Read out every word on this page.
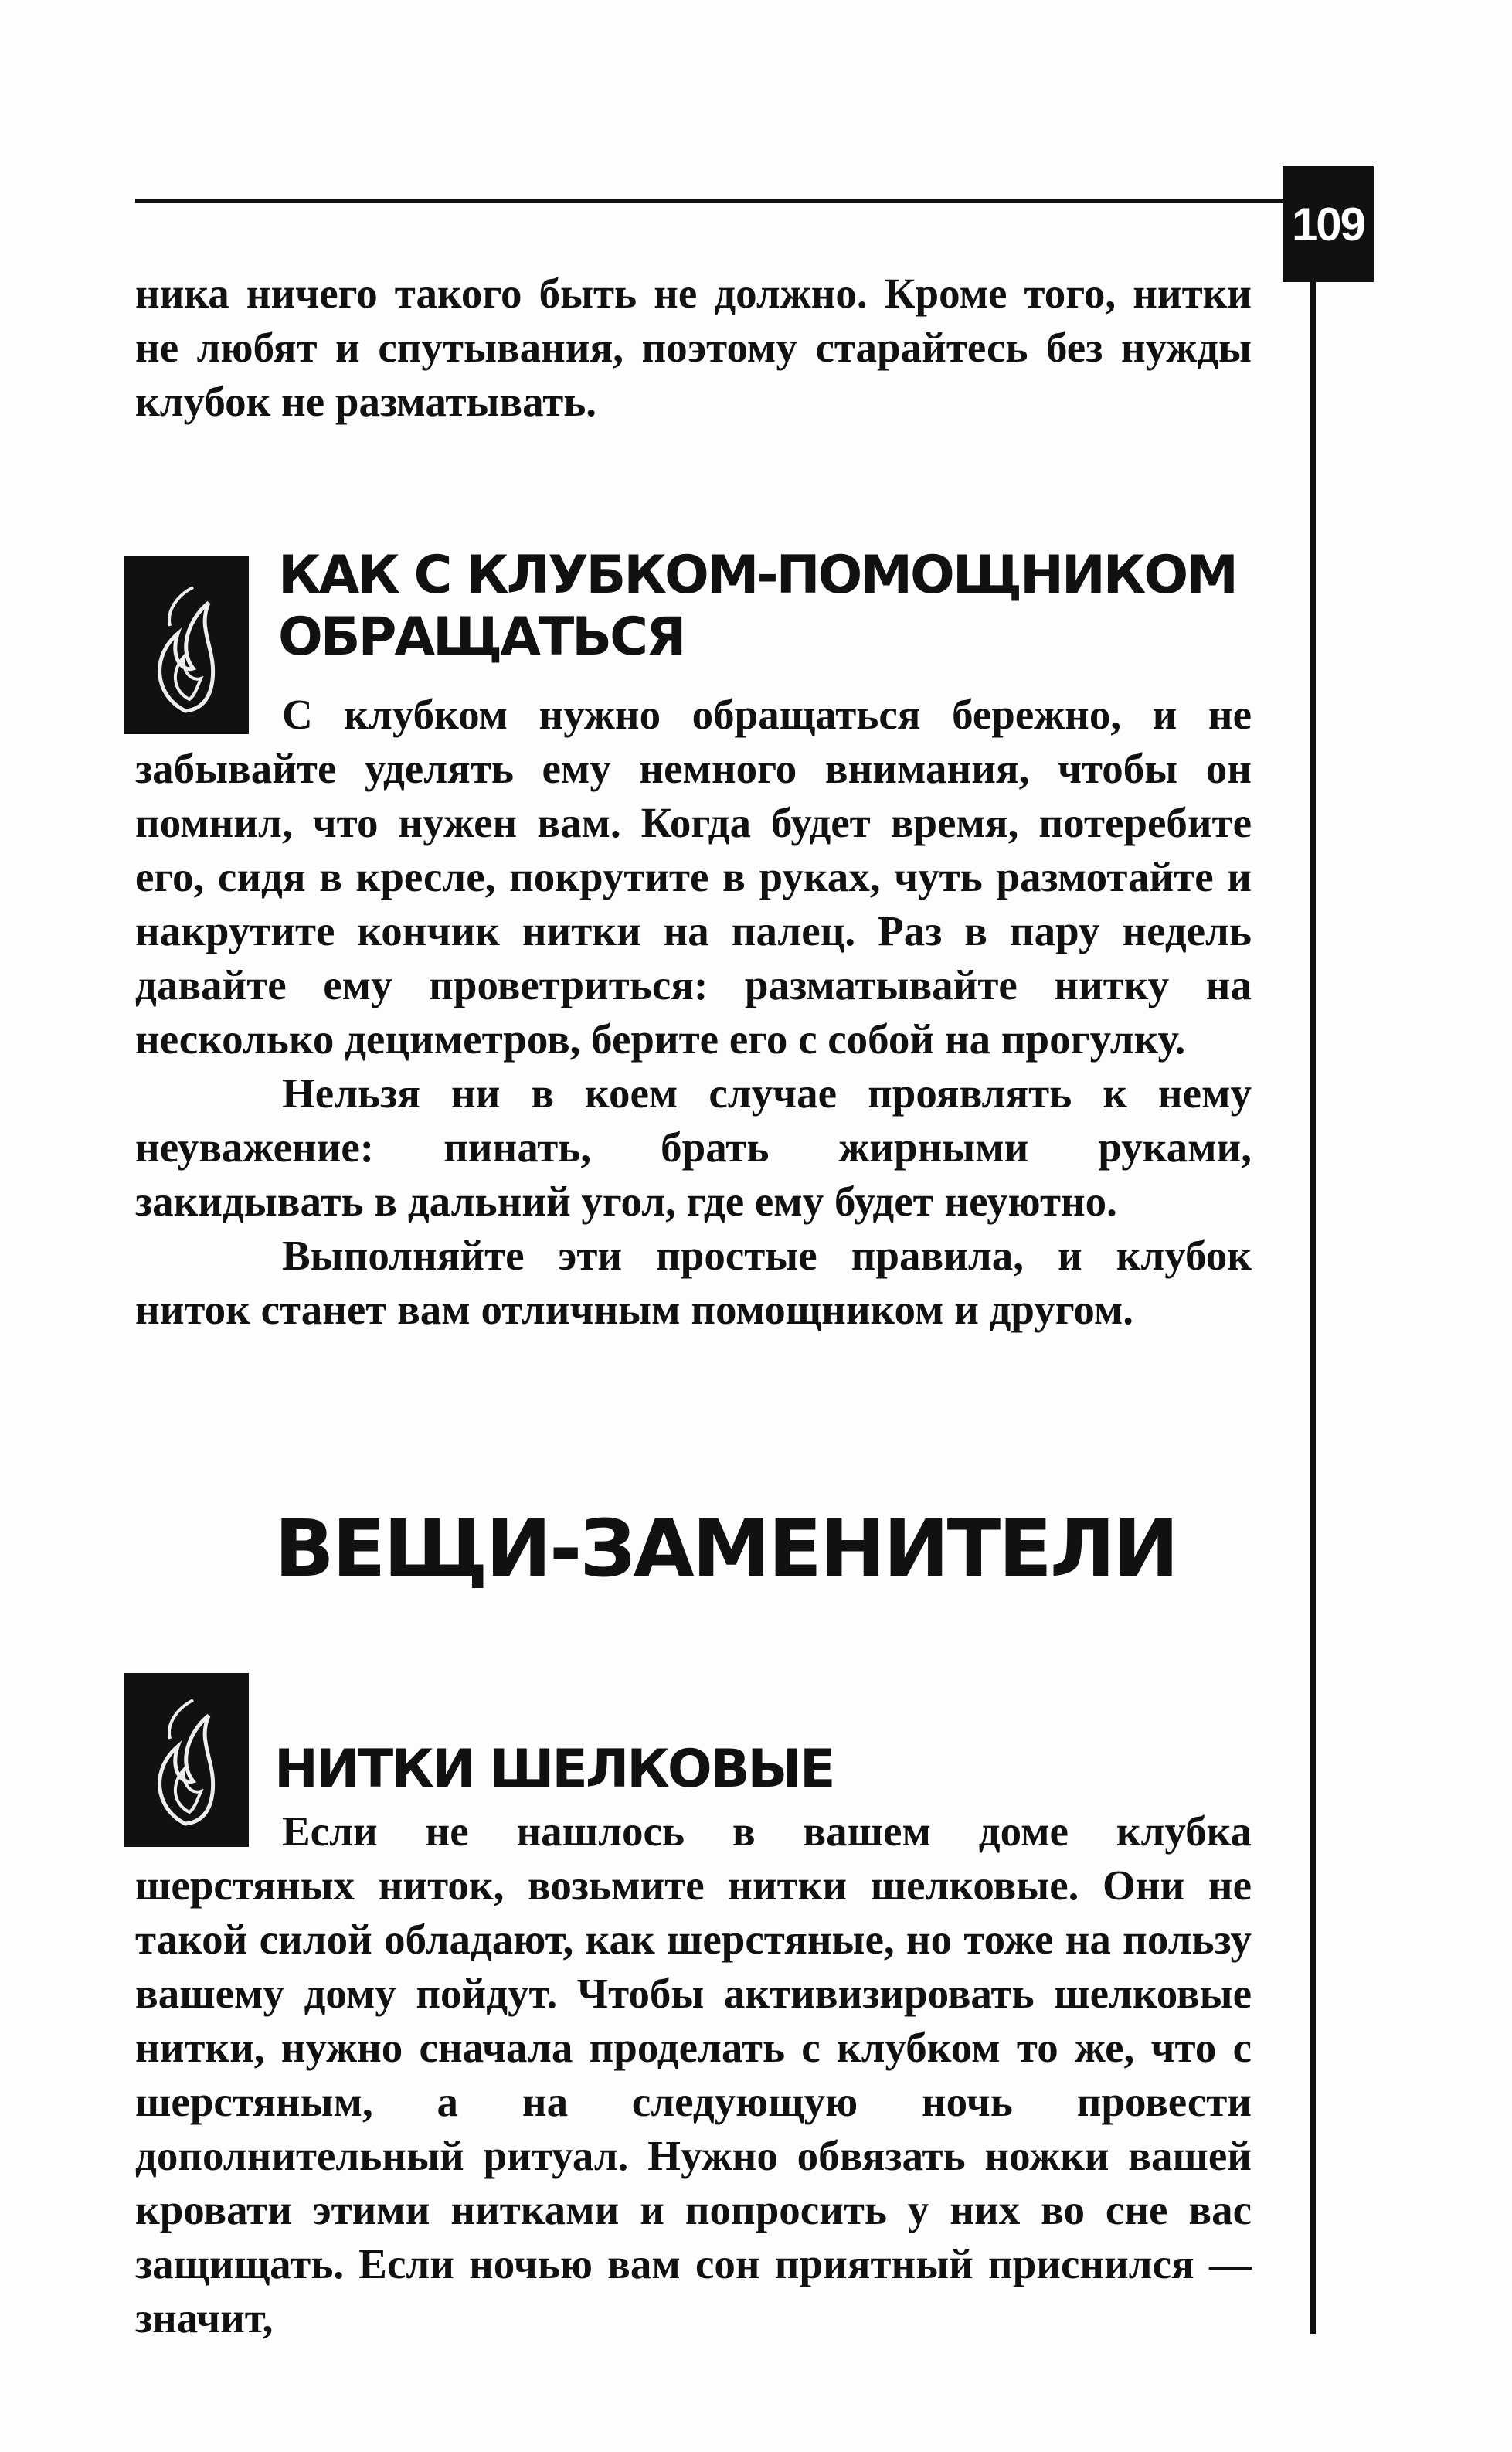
109

ника ничего такого быть не должно. Кроме того, нитки не любят и спутывания, поэтому старайтесь без нужды клубок не разматывать.

КАК С КЛУБКОМ-ПОМОЩНИКОМ
ОБРАЩАТЬСЯ

С клубком нужно обращаться бережно, и не забывайте уделять ему немного внимания, чтобы он помнил, что нужен вам. Когда будет время, потеребите его, сидя в кресле, покрутите в руках, чуть размотайте и накрутите кончик нитки на палец. Раз в пару недель давайте ему проветриться: разматывайте нитку на несколько дециметров, берите его с собой на прогулку.

Нельзя ни в коем случае проявлять к нему неуважение: пинать, брать жирными руками, закидывать в дальний угол, где ему будет неуютно.

Выполняйте эти простые правила, и клубок ниток станет вам отличным помощником и другом.

ВЕЩИ-ЗАМЕНИТЕЛИ
НИТКИ ШЕЛКОВЫЕ

Если не нашлось в вашем доме клубка шерстяных ниток, возьмите нитки шелковые. Они не такой силой обладают, как шерстяные, но тоже на пользу вашему дому пойдут. Чтобы активизировать шелковые нитки, нужно сначала проделать с клубком то же, что с шерстяным, а на следующую ночь провести дополнительный ритуал. Нужно обвязать ножки вашей кровати этими нитками и попросить у них во сне вас защищать. Если ночью вам сон приятный приснился — значит,
